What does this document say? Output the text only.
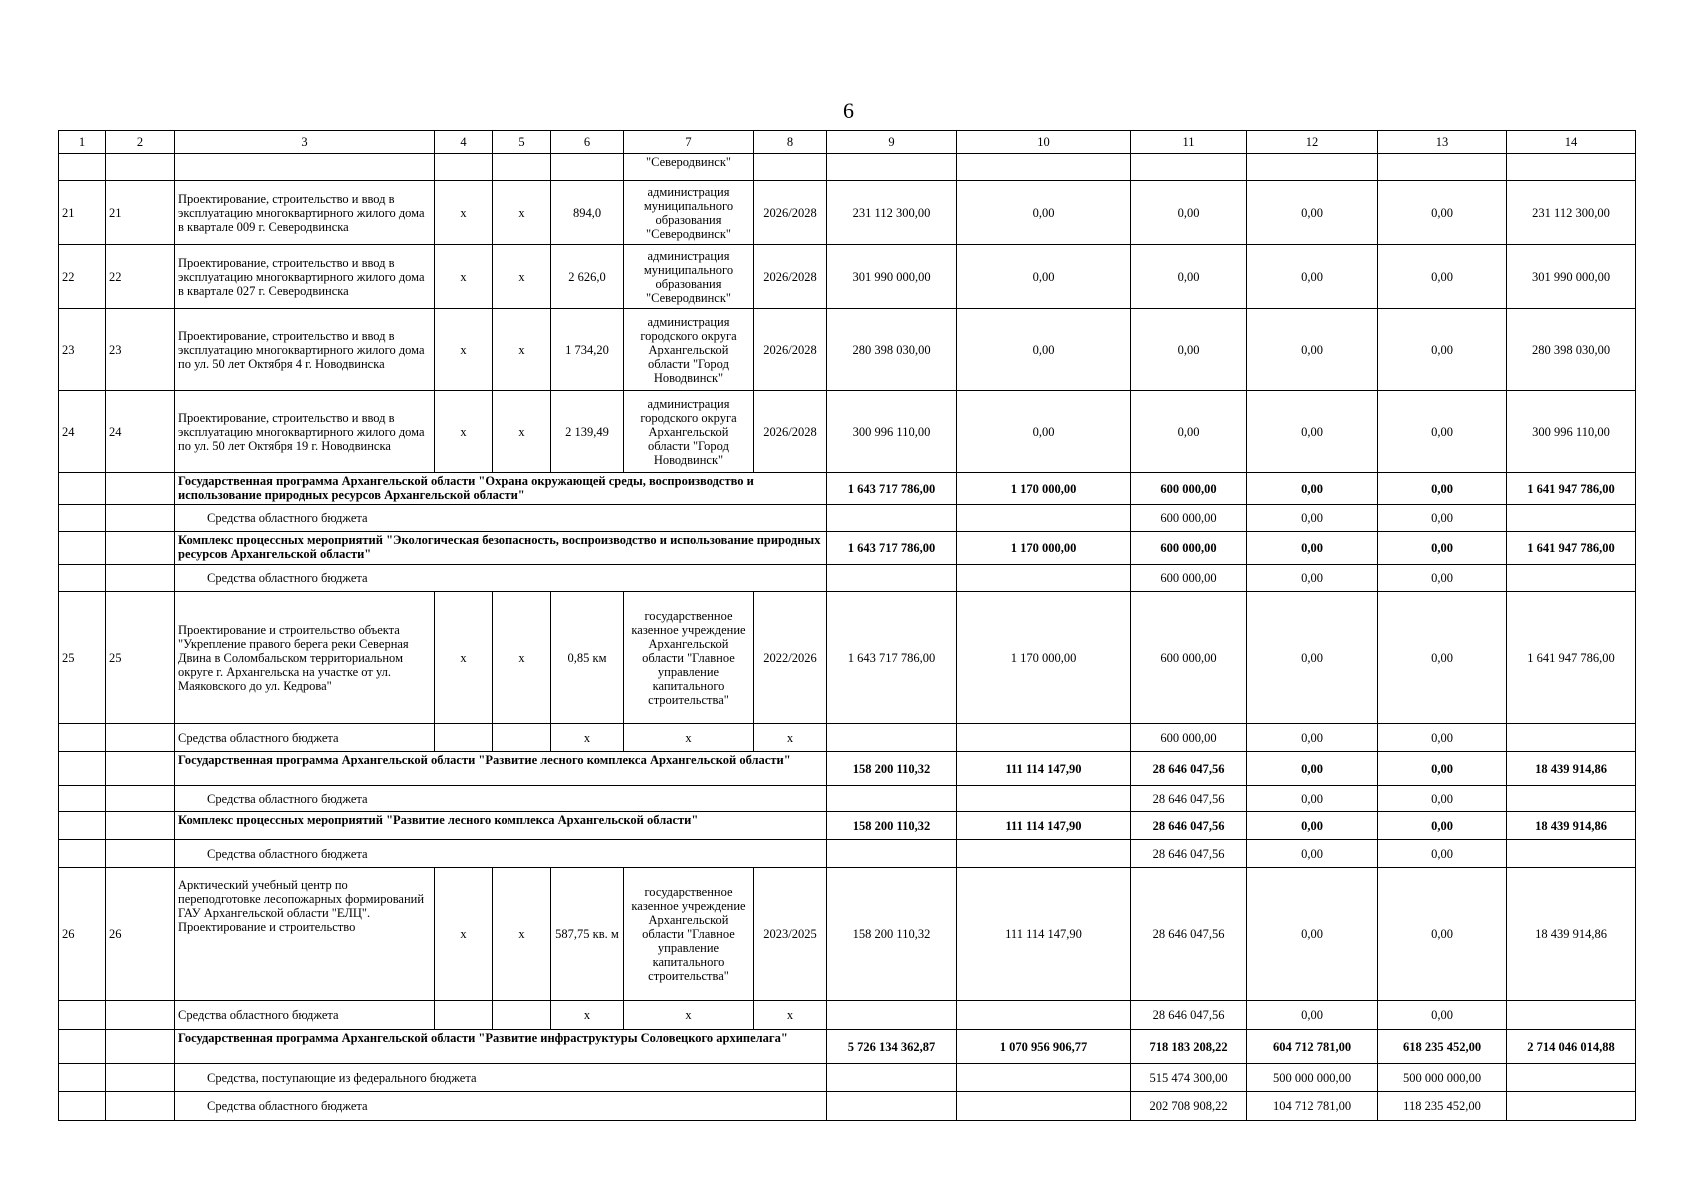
6
1	2	3	4	5	6	7	8	9	10	11	12	13	14
						"Северодвинск"							
21	21	Проектирование, строительство и ввод в эксплуатацию многоквартирного жилого дома в квартале 009 г. Северодвинска	x	x	894,0	администрация муниципального образования "Северодвинск"	2026/2028	231 112 300,00	0,00	0,00	0,00	0,00	231 112 300,00
22	22	Проектирование, строительство и ввод в эксплуатацию многоквартирного жилого дома в квартале 027 г. Северодвинска	x	x	2 626,0	администрация муниципального образования "Северодвинск"	2026/2028	301 990 000,00	0,00	0,00	0,00	0,00	301 990 000,00
23	23	Проектирование, строительство и ввод в эксплуатацию многоквартирного жилого дома по ул. 50 лет Октября 4 г. Новодвинска	x	x	1 734,20	администрация городского округа Архангельской области "Город Новодвинск"	2026/2028	280 398 030,00	0,00	0,00	0,00	0,00	280 398 030,00
24	24	Проектирование, строительство и ввод в эксплуатацию многоквартирного жилого дома по ул. 50 лет Октября 19 г. Новодвинска	x	x	2 139,49	администрация городского округа Архангельской области "Город Новодвинск"	2026/2028	300 996 110,00	0,00	0,00	0,00	0,00	300 996 110,00
		Государственная программа Архангельской области "Охрана окружающей среды, воспроизводство и использование природных ресурсов Архангельской области"						1 643 717 786,00	1 170 000,00	600 000,00	0,00	0,00	1 641 947 786,00
		Средства областного бюджета								600 000,00	0,00	0,00	
		Комплекс процессных мероприятий "Экологическая безопасность, воспроизводство и использование природных ресурсов Архангельской области"						1 643 717 786,00	1 170 000,00	600 000,00	0,00	0,00	1 641 947 786,00
		Средства областного бюджета								600 000,00	0,00	0,00	
25	25	Проектирование и строительство объекта "Укрепление правого берега реки Северная Двина в Соломбальском территориальном округе г. Архангельска на участке от ул. Маяковского до ул. Кедрова"	x	x	0,85 км	государственное казенное учреждение Архангельской области "Главное управление капитального строительства"	2022/2026	1 643 717 786,00	1 170 000,00	600 000,00	0,00	0,00	1 641 947 786,00
		Средства областного бюджета			x	x	x			600 000,00	0,00	0,00	
		Государственная программа Архангельской области "Развитие лесного комплекса Архангельской области"						158 200 110,32	111 114 147,90	28 646 047,56	0,00	0,00	18 439 914,86
		Средства областного бюджета								28 646 047,56	0,00	0,00	
		Комплекс процессных мероприятий "Развитие лесного комплекса Архангельской области"						158 200 110,32	111 114 147,90	28 646 047,56	0,00	0,00	18 439 914,86
		Средства областного бюджета								28 646 047,56	0,00	0,00	
26	26	Арктический учебный центр по переподготовке лесопожарных формирований ГАУ Архангельской области "ЕЛЦ". Проектирование и строительство	x	x	587,75 кв. м	государственное казенное учреждение Архангельской области "Главное управление капитального строительства"	2023/2025	158 200 110,32	111 114 147,90	28 646 047,56	0,00	0,00	18 439 914,86
		Средства областного бюджета			x	x	x			28 646 047,56	0,00	0,00	
		Государственная программа Архангельской области "Развитие инфраструктуры Соловецкого архипелага"						5 726 134 362,87	1 070 956 906,77	718 183 208,22	604 712 781,00	618 235 452,00	2 714 046 014,88
		Средства, поступающие из федерального бюджета								515 474 300,00	500 000 000,00	500 000 000,00	
		Средства областного бюджета								202 708 908,22	104 712 781,00	118 235 452,00	
